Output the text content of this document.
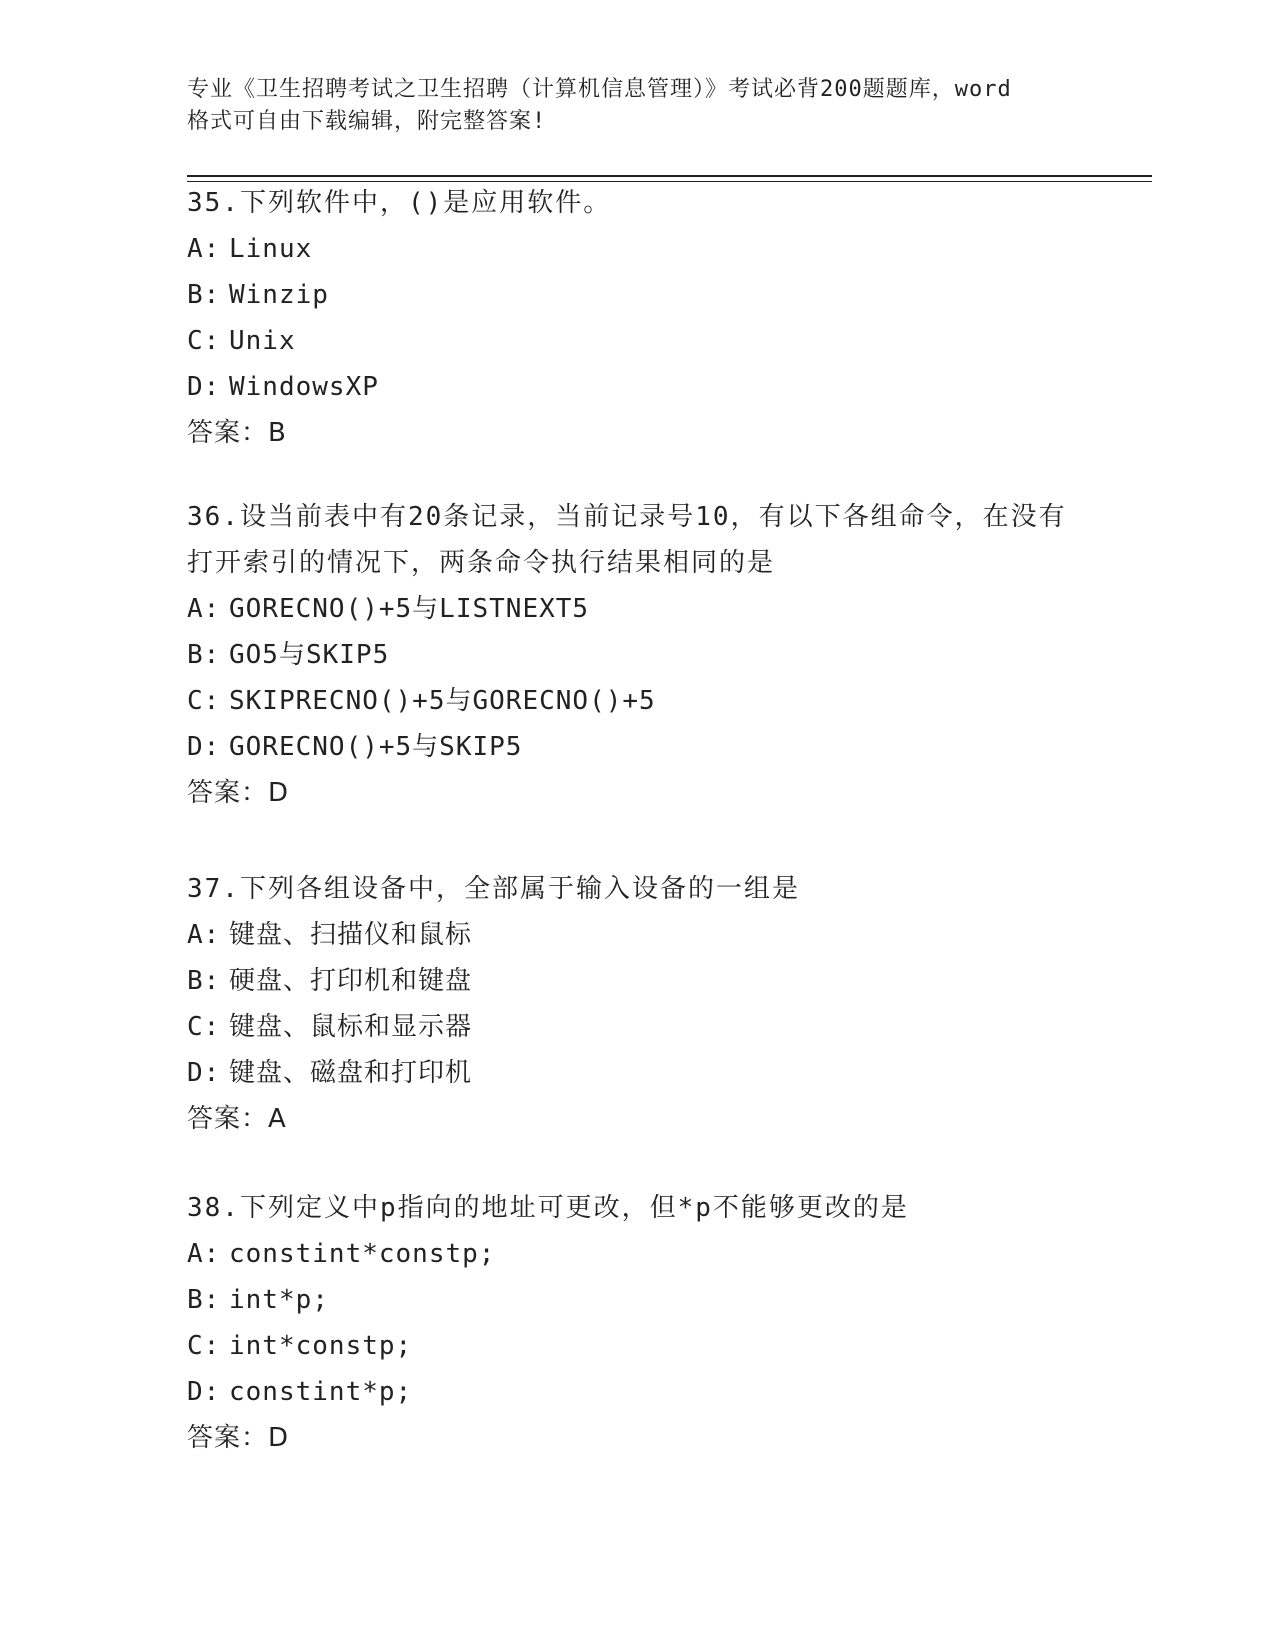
专业《卫生招聘考试之卫生招聘（计算机信息管理）》考试必背200题题库，word
格式可自由下载编辑，附完整答案!

35.下列软件中，()是应用软件。

A: Linux
B: Winzip
C: Unix
D: WindowsXP
答案：B

36.设当前表中有20条记录，当前记录号10，有以下各组命令，在没有打开索引的情况下，两条命令执行结果相同的是

A: GORECNO()+5与LISTNEXT5
B: GO5与SKIP5
C: SKIPRECNO()+5与GORECNO()+5
D: GORECNO()+5与SKIP5
答案：D

37.下列各组设备中，全部属于输入设备的一组是

A: 键盘、扫描仪和鼠标
B: 硬盘、打印机和键盘
C: 键盘、鼠标和显示器
D: 键盘、磁盘和打印机
答案：A

38.下列定义中p指向的地址可更改，但*p不能够更改的是

A: constint*constp;
B: int*p;
C: int*constp;
D: constint*p;
答案：D
